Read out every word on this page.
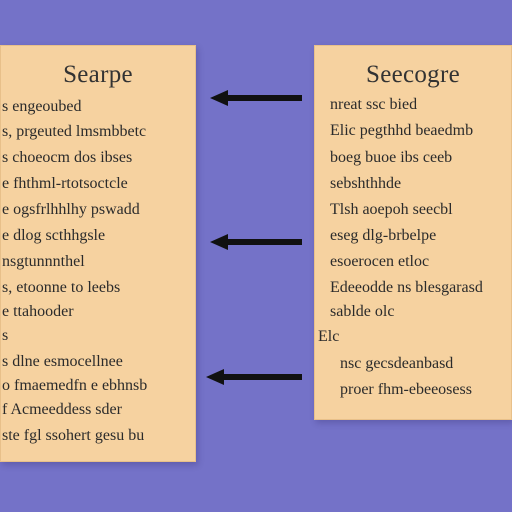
Searpe
s engeoubed
s, prgeuted lmsmbbetc
s choeocm dos ibses
e fhthml-rtotsoctcle
e ogsfrlhhlhy pswadd
e dlog scthhgsle
nsgtunnnthel
s, etoonne to leebs
e ttahooder
s
s dlne esmocellnee
o fmaemedfn e ebhnsb
f Acmeeddess sder
ste fgl ssohert gesu bu
Seecogre
nreat ssc bied
Elic pegthhd beaedmb
boeg buoe ibs ceeb
sebshthhde
Tlsh aoepoh seecbl
eseg dlg-brbelpe
esoerocen etloc
Edeeodde ns blesgarasd
sablde olc
Elc
nsc gecsdeanbasd
proer fhm-ebeeosess
